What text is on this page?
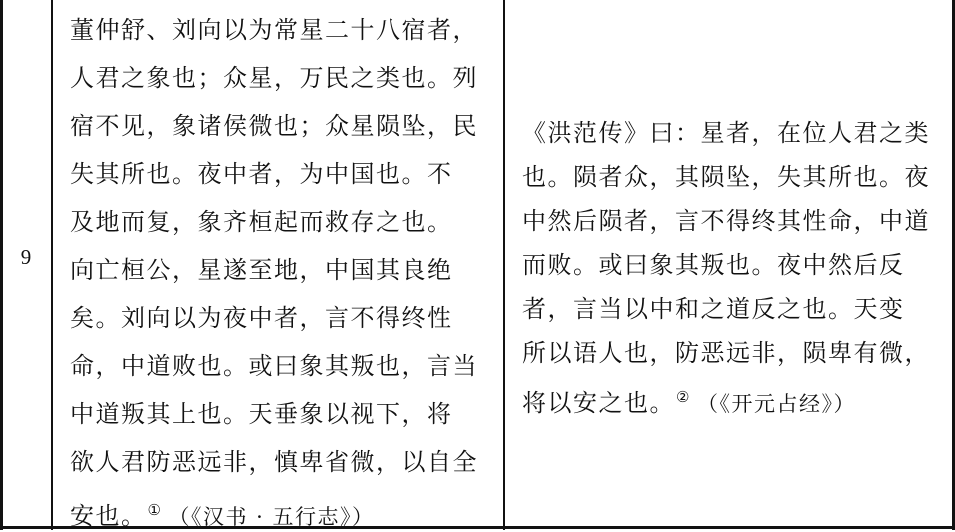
9
董仲舒、刘向以为常星二十八宿者，
人君之象也；众星，万民之类也。列
宿不见，象诸侯微也；众星陨坠，民
失其所也。夜中者，为中国也。不
及地而复，象齐桓起而救存之也。
向亡桓公，星遂至地，中国其良绝
矣。刘向以为夜中者，言不得终性
命，中道败也。或曰象其叛也，言当
中道叛其上也。天垂象以视下，将
欲人君防恶远非，慎卑省微，以自全
安也。① （《汉书 · 五行志》）
《洪范传》曰：星者，在位人君之类
也。陨者众，其陨坠，失其所也。夜
中然后陨者，言不得终其性命，中道
而败。或曰象其叛也。夜中然后反
者，言当以中和之道反之也。天变
所以语人也，防恶远非，陨卑有微，
将以安之也。② （《开元占经》）
